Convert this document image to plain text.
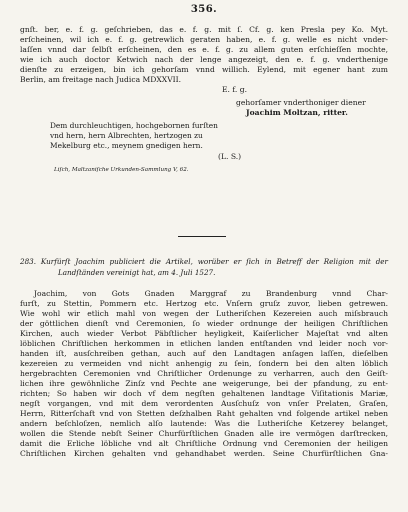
356.
gnſt. ber, e. f. g. geſchrieben, das e. f. g. mit ſ. Cf. g. ken Presla pey Ko. Myt.
erſcheinen, wil ich e. f. g. getrewlich geraten haben, e. f. g. welle es nicht vnder-
laſſen vnnd dar ſelbſt erſcheinen, den es e. f. g. zu allem guten erſchieſſen mochte,
wie ich auch doctor Ketwich nach der lenge angezeigt, den e. f. g. vnderthenige
dienſte zu erzeigen, bin ich gehorſam vnnd willich. Eylend, mit egener hant zum
Berlin, am freitage nach Judica MDXXVII.
E. f. g.
gehorſamer vnderthoniger diener
Joachim Moltzan, ritter.
Dem durchleuchtigen, hochgebornen furſten
vnd hern, hern Albrechten, hertzogen zu
Mekelburg etc., meynem gnedigen hern.
(L. S.)
Liſch, Maltzaniſche Urkunden-Sammlung V, 62.
283. Kurfürſt Joachim publiciert die Artikel, worüber er ſich in Betreff der Religion mit der
Landſtänden vereinigt hat, am 4. Juli 1527.
Joachim, von Gots Gnaden Marggraf zu Brandenburg vnnd Char-
furſt, zu Stettin, Pommern etc. Hertzog etc. Vnſern gruſz zuvor, lieben getrewen.
Wie wohl wir etlich mahl von wegen der Lutheriſchen Kezereien auch miſsbrauch
der göttlichen dienſt vnd Ceremonien, ſo wieder ordnunge der heiligen Chriſtlichen
Kirchen, auch wieder Verbot Päbſtlicher heyligkeit, Kaiſerlicher Majeſtat vnd alten
löblichen Chriſtlichen herkommen in etlichen landen entſtanden vnd leider noch vor-
handen iſt, ausſchreiben gethan, auch auf den Landtagen anſagen laſſen, dieſelben
kezereien zu vermeiden vnd nicht anhengig zu ſein, ſondern bei den alten löblich
hergebrachten Ceremonien vnd Chriſtlicher Ordenunge zu verharren, auch den Geiſt-
lichen ihre gewöhnliche Zinſz vnd Pechte ane weigerunge, bei der pfandung, zu ent-
richten; So haben wir doch vf dem negſten gehaltenen landtage Viſitationis Mariæ,
negſt vorgangen, vnd mit dem verordenten Ausſchuſz von vnſer Prelaten, Graſen,
Herrn, Ritterſchaft vnd von Stetten deſzhalben Raht gehalten vnd folgende artikel neben
andern beſchloſzen, nemlich alſo lautende: Was die Lutheriſche Ketzerey belanget,
wollen die Stende nebſt Seiner Churfürſtlichen Gnaden alle ire vermögen darſtrecken,
damit die Erliche löbliche vnd alt Chriſtliche Ordnung vnd Ceremonien der heiligen
Chriſtlichen Kirchen gehalten vnd gehandhabet werden. Seine Churfürſtlichen Gna-
